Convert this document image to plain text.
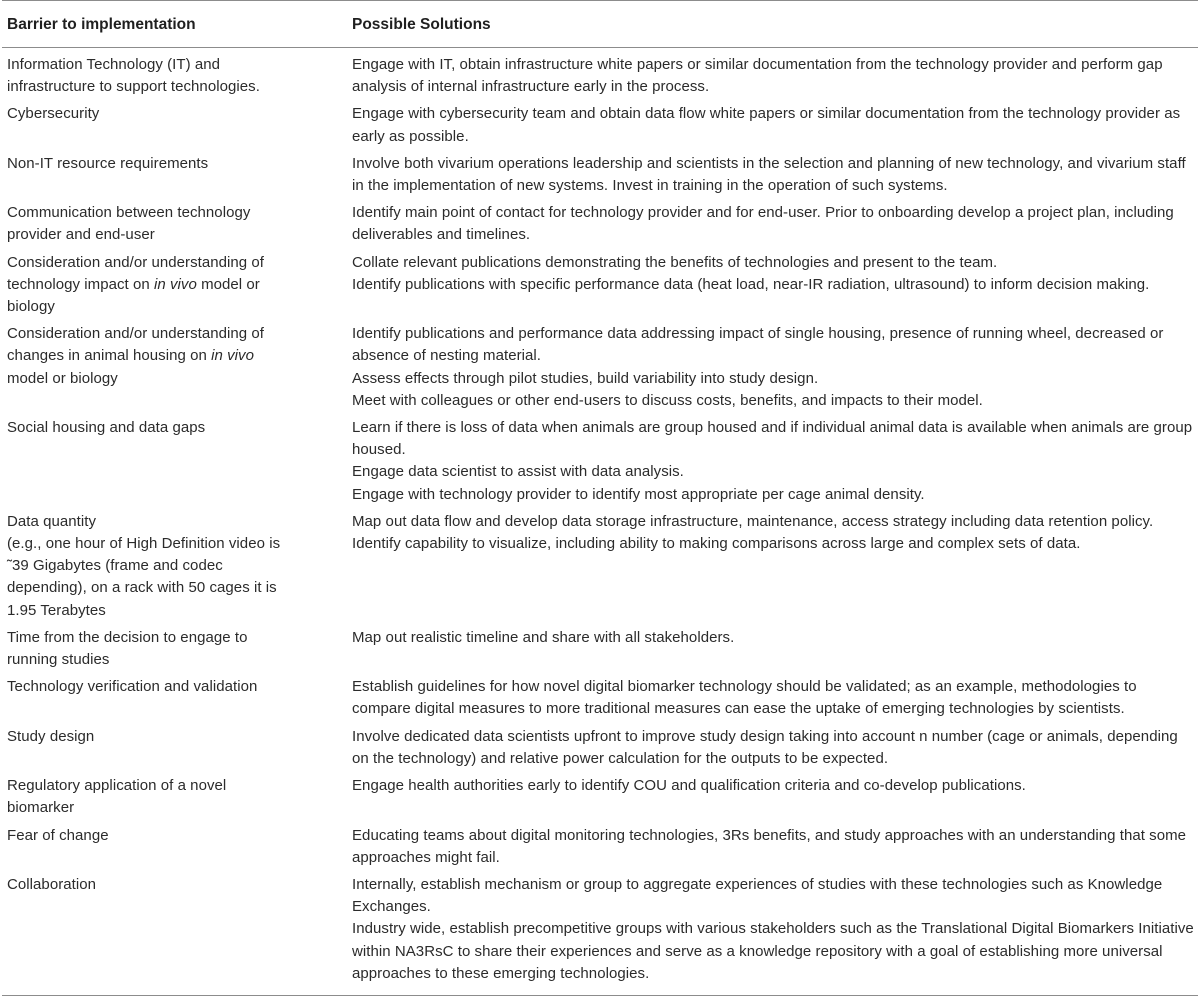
Barrier to implementation	Possible Solutions
Information Technology (IT) and infrastructure to support technologies.	Engage with IT, obtain infrastructure white papers or similar documentation from the technology provider and perform gap analysis of internal infrastructure early in the process.

Cybersecurity	Engage with cybersecurity team and obtain data flow white papers or similar documentation from the technology provider as early as possible.

Non-IT resource requirements	Involve both vivarium operations leadership and scientists in the selection and planning of new technology, and vivarium staff in the implementation of new systems. Invest in training in the operation of such systems.

Communication between technology provider and end-user	Identify main point of contact for technology provider and for end-user. Prior to onboarding develop a project plan, including deliverables and timelines.

Consideration and/or understanding of technology impact on in vivo model or biology	Collate relevant publications demonstrating the benefits of technologies and present to the team.
Identify publications with specific performance data (heat load, near-IR radiation, ultrasound) to inform decision making.

Consideration and/or understanding of changes in animal housing on in vivo model or biology	Identify publications and performance data addressing impact of single housing, presence of running wheel, decreased or absence of nesting material.
Assess effects through pilot studies, build variability into study design.
Meet with colleagues or other end-users to discuss costs, benefits, and impacts to their model.

Social housing and data gaps	Learn if there is loss of data when animals are group housed and if individual animal data is available when animals are group housed.
Engage data scientist to assist with data analysis.
Engage with technology provider to identify most appropriate per cage animal density.

Data quantity
(e.g., one hour of High Definition video is ˜39 Gigabytes (frame and codec depending), on a rack with 50 cages it is 1.95 Terabytes	Map out data flow and develop data storage infrastructure, maintenance, access strategy including data retention policy. Identify capability to visualize, including ability to making comparisons across large and complex sets of data.

Time from the decision to engage to running studies	Map out realistic timeline and share with all stakeholders.

Technology verification and validation	Establish guidelines for how novel digital biomarker technology should be validated; as an example, methodologies to compare digital measures to more traditional measures can ease the uptake of emerging technologies by scientists.

Study design	Involve dedicated data scientists upfront to improve study design taking into account n number (cage or animals, depending on the technology) and relative power calculation for the outputs to be expected.

Regulatory application of a novel biomarker	Engage health authorities early to identify COU and qualification criteria and co-develop publications.

Fear of change	Educating teams about digital monitoring technologies, 3Rs benefits, and study approaches with an understanding that some approaches might fail.

Collaboration	Internally, establish mechanism or group to aggregate experiences of studies with these technologies such as Knowledge Exchanges.
Industry wide, establish precompetitive groups with various stakeholders such as the Translational Digital Biomarkers Initiative within NA3RsC to share their experiences and serve as a knowledge repository with a goal of establishing more universal approaches to these emerging technologies.
